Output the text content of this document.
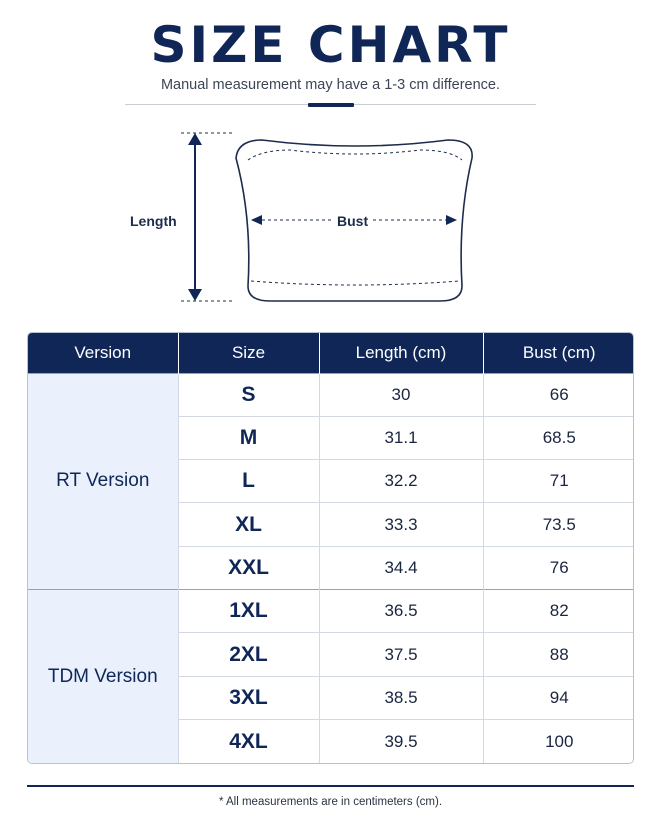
SIZE CHART
Manual measurement may have a 1-3 cm difference.
Length	Bust
Version	Size	Length (cm)	Bust (cm)
RT Version	S	30	66
	M	31.1	68.5
	L	32.2	71
	XL	33.3	73.5
	XXL	34.4	76
TDM Version	1XL	36.5	82
	2XL	37.5	88
	3XL	38.5	94
	4XL	39.5	100
* All measurements are in centimeters (cm).
